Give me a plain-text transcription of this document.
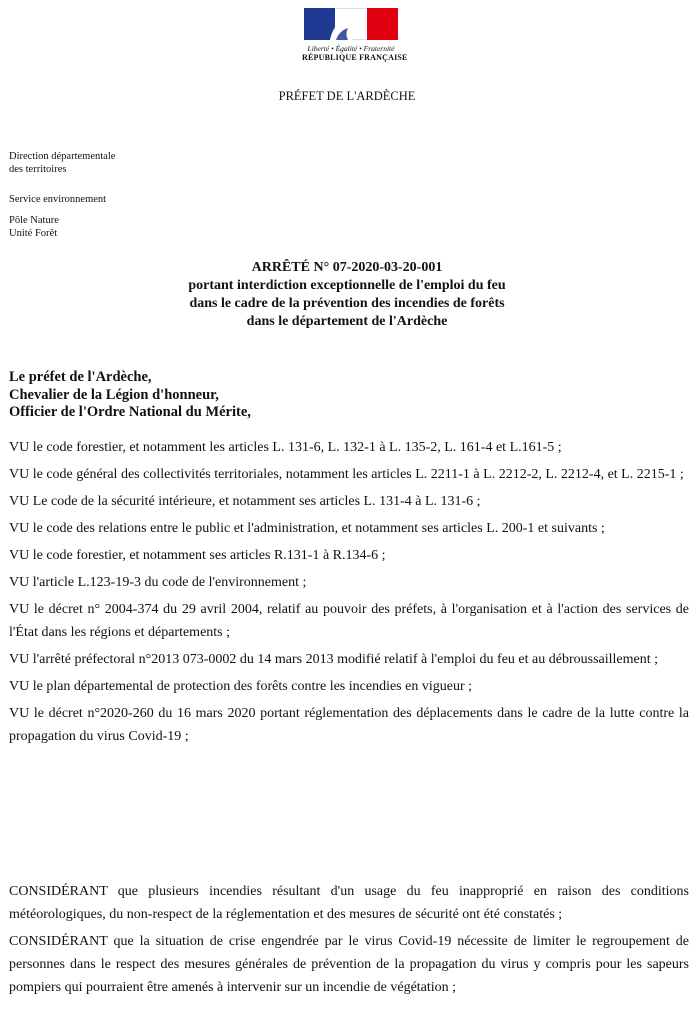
Liberté • Égalité • Fraternité
RÉPUBLIQUE FRANÇAISE
PRÉFET DE L'ARDÈCHE
Direction départementale
des territoires
Service environnement
Pôle Nature
Unité Forêt
ARRÊTÉ N° 07-2020-03-20-001
portant interdiction exceptionnelle de l'emploi du feu
dans le cadre de la prévention des incendies de forêts
dans le département de l'Ardèche
Le préfet de l'Ardèche,
Chevalier de la Légion d'honneur,
Officier de l'Ordre National du Mérite,

VU le code forestier, et notamment les articles L. 131-6, L. 132-1 à L. 135-2, L. 161-4 et L.161-5 ;

VU le code général des collectivités territoriales, notamment les articles L. 2211-1 à L. 2212-2, L. 2212-4, et L. 2215-1 ;

VU Le code de la sécurité intérieure, et notamment ses articles L. 131-4 à L. 131-6 ;

VU le code des relations entre le public et l'administration, et notamment ses articles L. 200-1 et suivants ;

VU le code forestier, et notamment ses articles R.131-1 à R.134-6 ;

VU l'article L.123-19-3 du code de l'environnement ;

VU le décret n° 2004-374 du 29 avril 2004, relatif au pouvoir des préfets, à l'organisation et à l'action des services de l'État dans les régions et départements ;

VU l'arrêté préfectoral n°2013 073-0002 du 14 mars 2013 modifié relatif à l'emploi du feu et au débroussaillement ;

VU le plan départemental de protection des forêts contre les incendies en vigueur ;

VU le décret n°2020-260 du 16 mars 2020 portant réglementation des déplacements dans le cadre de la lutte contre la propagation du virus Covid-19 ;

CONSIDÉRANT que plusieurs incendies résultant d'un usage du feu inapproprié en raison des conditions météorologiques, du non-respect de la réglementation et des mesures de sécurité ont été constatés ;

CONSIDÉRANT que la situation de crise engendrée par le virus Covid-19 nécessite de limiter le regroupement de personnes dans le respect des mesures générales de prévention de la propagation du virus y compris pour les sapeurs pompiers qui pourraient être amenés à intervenir sur un incendie de végétation ;
